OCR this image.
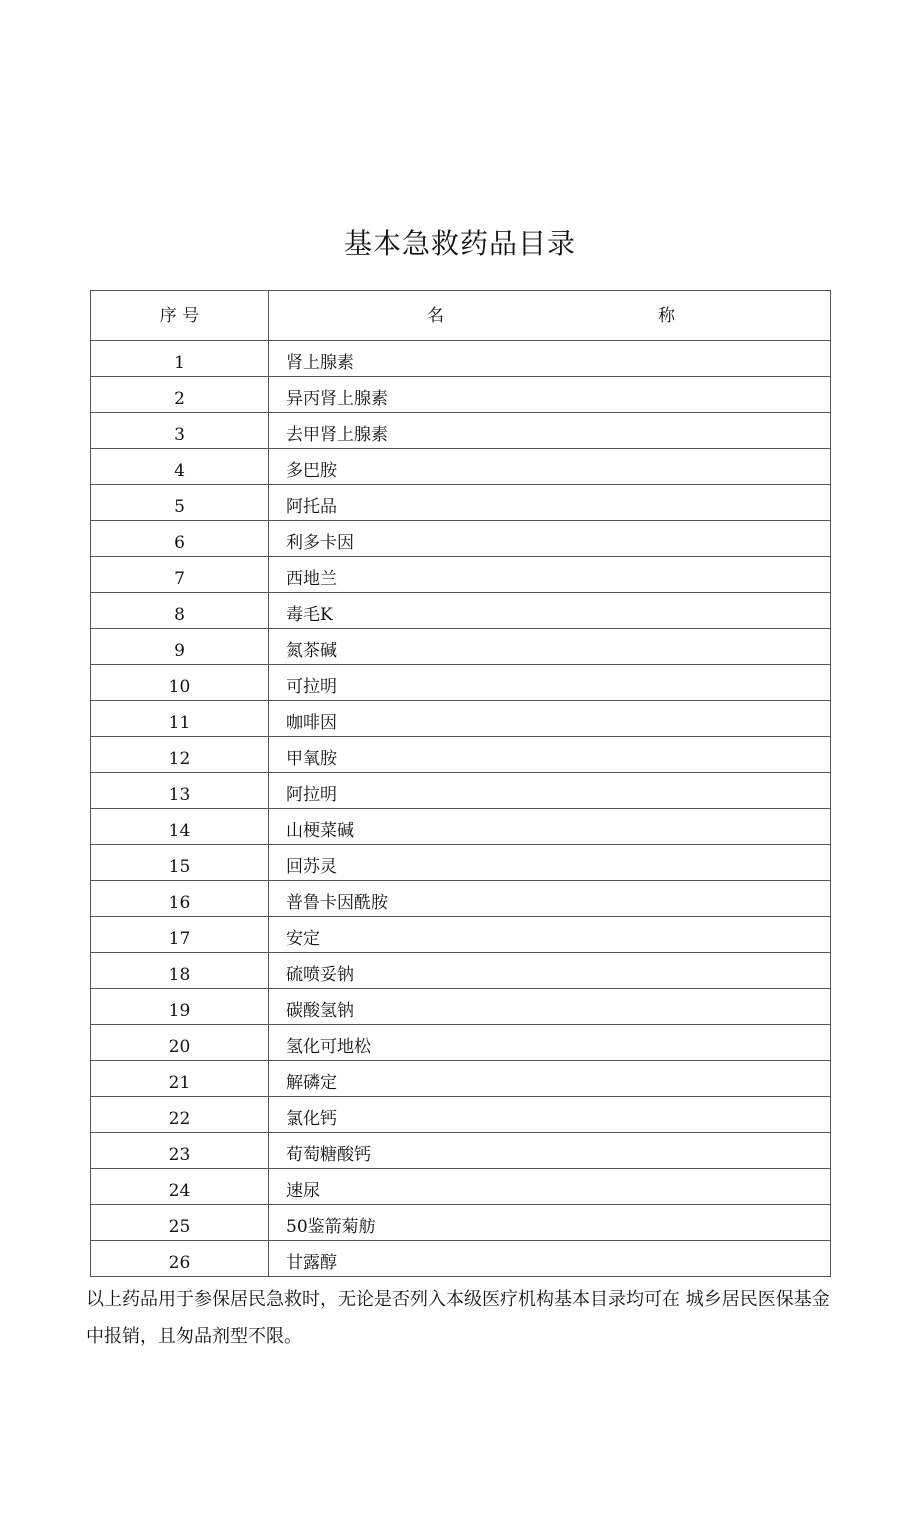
基本急救药品目录
序 号	名 称

1	肾上腺素
2	异丙肾上腺素
3	去甲肾上腺素
4	多巴胺
5	阿托品
6	利多卡因
7	西地兰
8	毒毛K
9	氮茶碱
10	可拉明
11	咖啡因
12	甲氧胺
13	阿拉明
14	山梗菜碱
15	回苏灵
16	普鲁卡因酰胺
17	安定
18	硫喷妥钠
19	碳酸氢钠
20	氢化可地松
21	解磷定
22	氯化钙
23	荀萄糖酸钙
24	速尿
25	50鉴箭菊舫
26	甘露醇
以上药品用于参保居民急救时，无论是否列入本级医疗机构基本目录均可在 城乡居民医保基金中报销，且匆品剂型不限。
